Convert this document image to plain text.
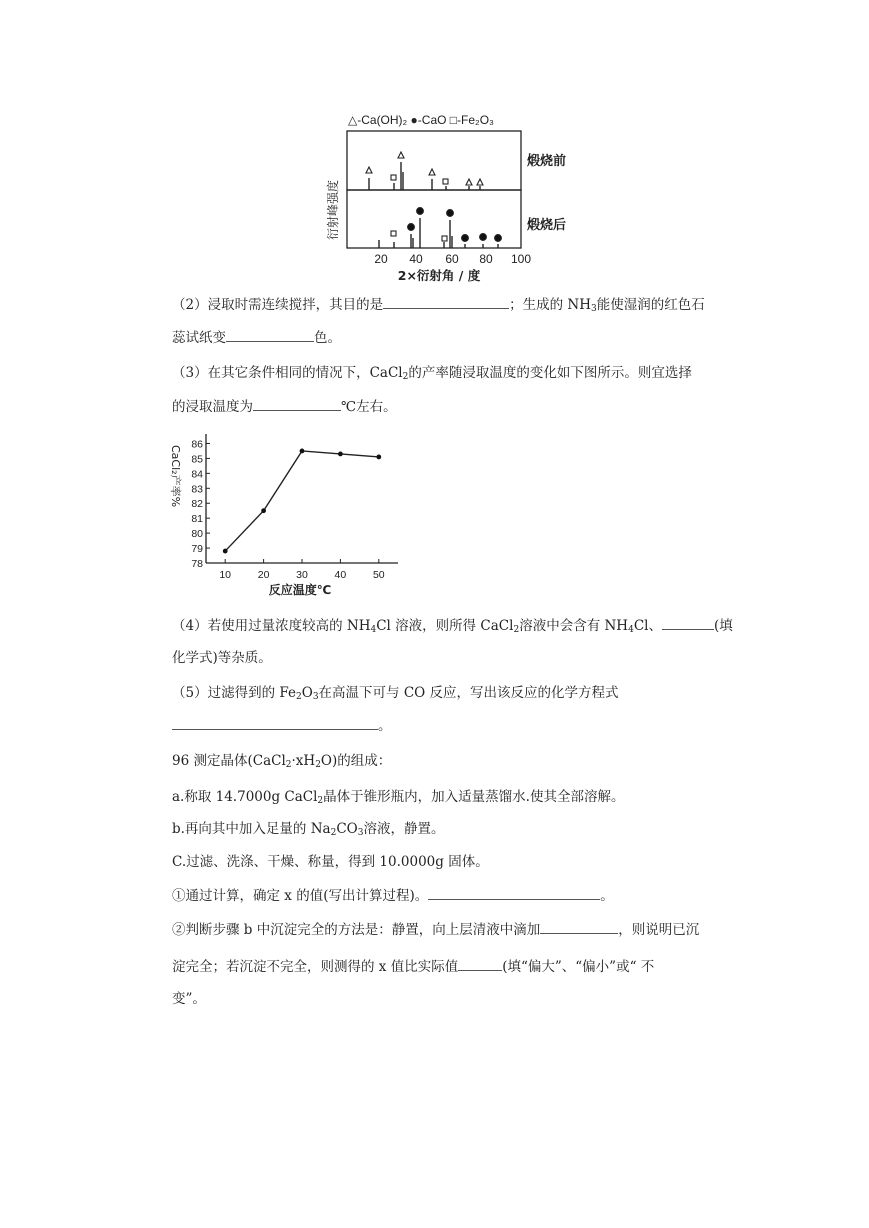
△-Ca(OH)₂ ●-CaO □-Fe₂O₃
衍射峰强度
煅烧前
煅烧后
20 40 60 80 100
2×衍射角 / 度
（2）浸取时需连续搅拌，其目的是	；生成的 $NH_3$能使湿润的红色石
蕊试纸变	色。
（3）在其它条件相同的情况下，CaCl$_2$的产率随浸取温度的变化如下图所示。则宜选择
的浸取温度为	℃左右。
CaCl₂产率%
反应温度℃
78
79
80
81
82
83
84
85
86
10	20	30	40	50
（4）若使用过量浓度较高的 $NH_4Cl$ 溶液，则所得 CaCl$_2$溶液中会含有 $NH_4Cl$、	(填
化学式)等杂质。
（5）过滤得到的 $Fe_2O_3$在高温下可与 CO 反应，写出该反应的化学方程式
。
96 测定晶体$(CaCl_2\cdot xH_2O)$的组成：
a.称取 14.7000g CaCl$_2$晶体于锥形瓶内，加入适量蒸馏水.使其全部溶解。
b.再向其中加入足量的 $Na_2CO_3$溶液，静置。
C.过滤、洗涤、干燥、称量，得到 10.0000g 固体。
①通过计算，确定 x 的值(写出计算过程)。	。
②判断步骤 b 中沉淀完全的方法是：静置，向上层清液中滴加	，则说明已沉
淀完全；若沉淀不完全，则测得的 x 值比实际值	(填“偏大”、“偏小”或“ 不
变”。
